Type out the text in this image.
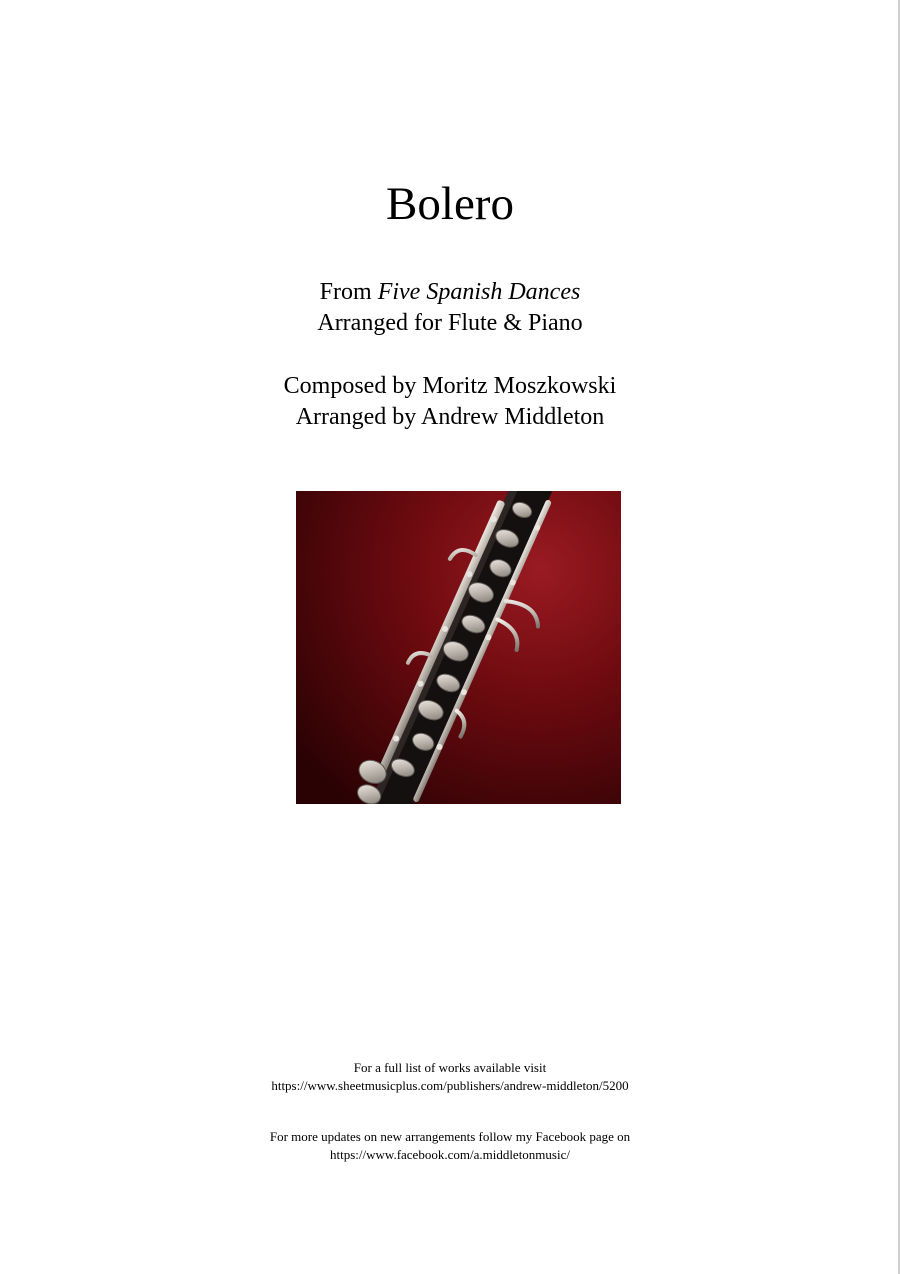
Bolero
From Five Spanish Dances
Arranged for Flute & Piano
Composed by Moritz Moszkowski
Arranged by Andrew Middleton
For a full list of works available visit
https://www.sheetmusicplus.com/publishers/andrew-middleton/5200
For more updates on new arrangements follow my Facebook page on
https://www.facebook.com/a.middletonmusic/
